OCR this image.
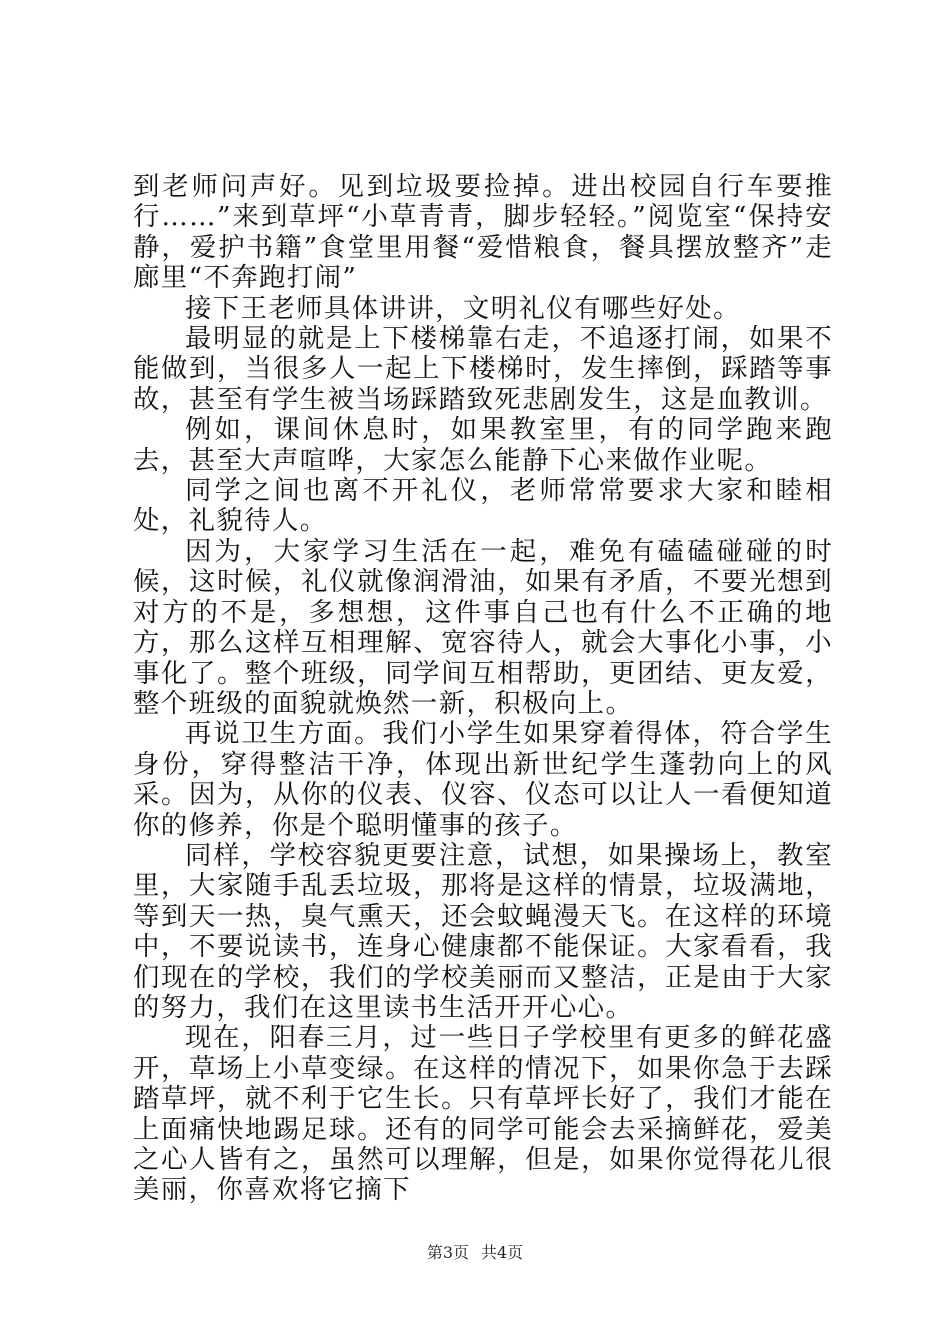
到老师问声好。见到垃圾要捡掉。进出校园自行车要推行……”来到草坪“小草青青，脚步轻轻。”阅览室“保持安静，爱护书籍”食堂里用餐“爱惜粮食，餐具摆放整齐”走廊里“不奔跑打闹”

接下王老师具体讲讲，文明礼仪有哪些好处。

最明显的就是上下楼梯靠右走，不追逐打闹，如果不能做到，当很多人一起上下楼梯时，发生摔倒，踩踏等事故，甚至有学生被当场踩踏致死悲剧发生，这是血教训。

例如，课间休息时，如果教室里，有的同学跑来跑去，甚至大声喧哗，大家怎么能静下心来做作业呢。

同学之间也离不开礼仪，老师常常要求大家和睦相处，礼貌待人。

因为，大家学习生活在一起，难免有磕磕碰碰的时候，这时候，礼仪就像润滑油，如果有矛盾，不要光想到对方的不是，多想想，这件事自己也有什么不正确的地方，那么这样互相理解、宽容待人，就会大事化小事，小事化了。整个班级，同学间互相帮助，更团结、更友爱，整个班级的面貌就焕然一新，积极向上。

再说卫生方面。我们小学生如果穿着得体，符合学生身份，穿得整洁干净，体现出新世纪学生蓬勃向上的风采。因为，从你的仪表、仪容、仪态可以让人一看便知道你的修养，你是个聪明懂事的孩子。

同样，学校容貌更要注意，试想，如果操场上，教室里，大家随手乱丢垃圾，那将是这样的情景，垃圾满地，等到天一热，臭气熏天，还会蚊蝇漫天飞。在这样的环境中，不要说读书，连身心健康都不能保证。大家看看，我们现在的学校，我们的学校美丽而又整洁，正是由于大家的努力，我们在这里读书生活开开心心。

现在，阳春三月，过一些日子学校里有更多的鲜花盛开，草场上小草变绿。在这样的情况下，如果你急于去踩踏草坪，就不利于它生长。只有草坪长好了，我们才能在上面痛快地踢足球。还有的同学可能会去采摘鲜花，爱美之心人皆有之，虽然可以理解，但是，如果你觉得花儿很美丽，你喜欢将它摘下

第3页 共4页
